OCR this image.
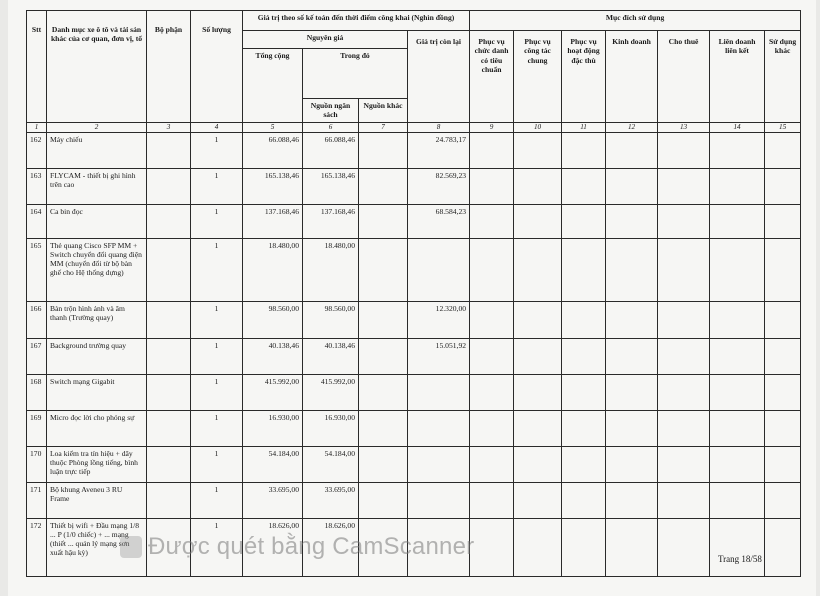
Stt	Danh mục xe ô tô và tài sản khác của cơ quan, đơn vị, tổ	Bộ phận	Số lượng	Giá trị theo số kế toán đến thời điểm công khai (Nghìn đồng)				Mục đích sử dụng						
				Nguyên giá			Giá trị còn lại	Phục vụ chức danh có tiêu chuẩn	Phục vụ công tác chung	Phục vụ hoạt động đặc thù	Kinh doanh	Cho thuê	Liên doanh liên kết	Sử dụng khác
				Tổng cộng	Trong đó									
					Nguồn ngân sách	Nguồn khác								
1	2	3	4	5	6	7	8	9	10	11	12	13	14	15
162	Máy chiếu		1	66.088,46	66.088,46		24.783,17							
163	FLYCAM - thiết bị ghi hình trên cao		1	165.138,46	165.138,46		82.569,23							
164	Ca bin đọc		1	137.168,46	137.168,46		68.584,23							
165	Thẻ quang Cisco SFP MM + Switch chuyển đổi quang điện MM (chuyển đổi từ bộ bàn ghế cho Hệ thống dựng)		1	18.480,00	18.480,00									
166	Bàn trộn hình ảnh và âm thanh (Trường quay)		1	98.560,00	98.560,00		12.320,00							
167	Background trường quay		1	40.138,46	40.138,46		15.051,92							
168	Switch mạng Gigabit		1	415.992,00	415.992,00									
169	Micro đọc lời cho phóng sự		1	16.930,00	16.930,00									
170	Loa kiểm tra tín hiệu + dây thuộc Phòng lồng tiếng, bình luận trực tiếp		1	54.184,00	54.184,00									
171	Bộ khung Aveneu 3 RU Frame		1	33.695,00	33.695,00									
172	Thiết bị wifi + Đầu mạng 1/8 ... P (1/0 chiếc) + ... mạng (thiết ... quản lý mạng sơn xuất hậu kỳ)		1	18.626,00	18.626,00									
Được quét bằng CamScanner	Trang 18/58
